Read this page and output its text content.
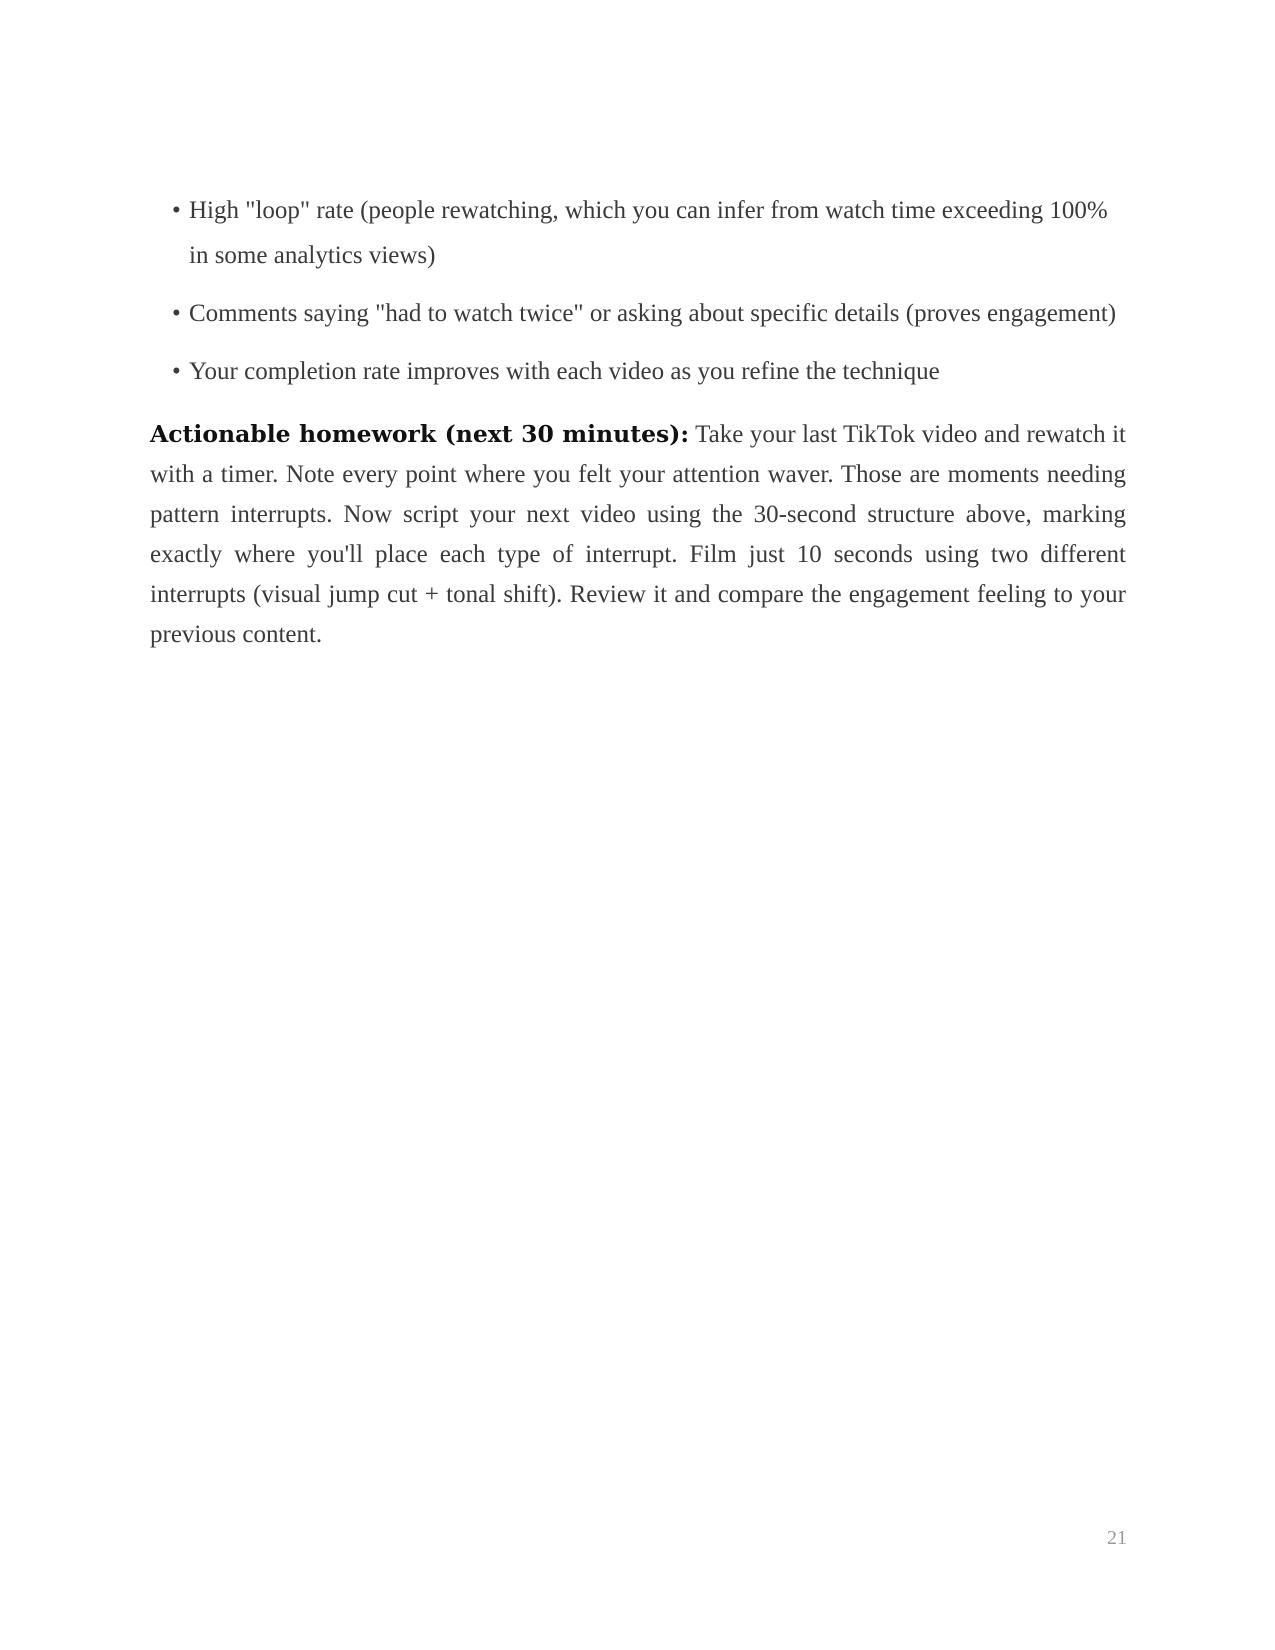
• High "loop" rate (people rewatching, which you can infer from watch time exceeding 100% in some analytics views)
• Comments saying "had to watch twice" or asking about specific details (proves engagement)
• Your completion rate improves with each video as you refine the technique

Actionable homework (next 30 minutes): Take your last TikTok video and rewatch it with a timer. Note every point where you felt your attention waver. Those are moments needing pattern interrupts. Now script your next video using the 30-second structure above, marking exactly where you'll place each type of interrupt. Film just 10 seconds using two different interrupts (visual jump cut + tonal shift). Review it and compare the engagement feeling to your previous content.

21
